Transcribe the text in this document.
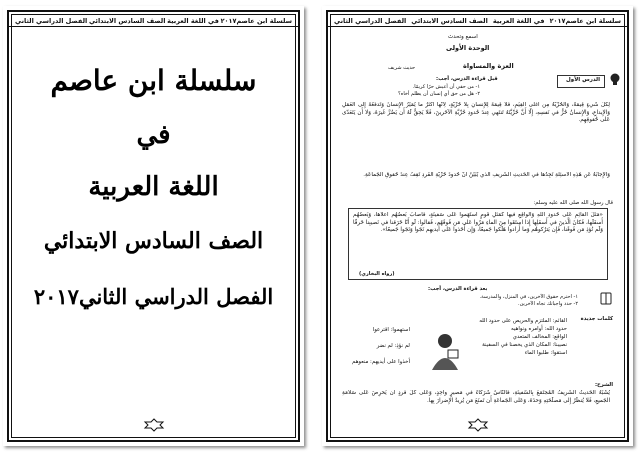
سلسلة ابن عاصم٢٠١٧
في اللغة العربية
الصف السادس الابتدائي
الفصل الدراسي الثاني
سلسلة ابن عاصم
في
اللغة العربية
الصف السادس الابتدائي
الفصل الدراسي الثاني٢٠١٧
سلسلة ابن عاصم٢٠١٧
في اللغة العربية
الصف السادس الابتدائي
الفصل الدراسي الثاني
اسمع وتحدث
الوحدة الأولى
العزة والمساواة
حديث شريف
الدرس الأول
قبل قراءة الدرس، أجب:
١- من حقي أن أعيش حرًا كريمًا.
٢- هل من حق أي إنسان أن يظلم أخاه؟
لِكُلِّ شَيءٍ قِيمَةٌ، وَالحُرِّيَّةُ مِن أَغلَى القِيَمِ، فَلا قِيمَةَ لِلإِنسانِ بِلا حُرِّيَّةٍ، لِأَنَّها أَكثَرُ ما يُمَيِّزُ الإِنسانَ وَتَدفَعُهُ إِلى العَمَلِ وَالإِبداعِ، وَالإِنسانُ حُرٌّ في نَفسِهِ، إِلّا أَنَّ حُرِّيَّتَهُ تَنتَهي عِندَ حُدودِ حُرِّيَّةِ الآخَرينَ، فَلا يَحِقُّ لَهُ أَن يَضُرَّ غَيرَهُ، وَلا أَن يَتَعَدّى عَلى حُقوقِهِم.
وَالإِجابَةُ عَن هَذِهِ الأَسئِلَةِ تَجِدُها في الحَديثِ الشَّريفِ الَّذي يُبَيِّنُ أَنَّ حُدودَ حُرِّيَّةِ الفَردِ تَقِفُ عِندَ حُقوقِ الجَماعَةِ.
قال رسول الله صلى الله عليه وسلم:
«مَثَلُ القائِمِ عَلى حُدودِ اللهِ وَالواقِعِ فيها كَمَثَلِ قَومٍ استَهَموا عَلى سَفينَةٍ، فَأَصابَ بَعضُهُم أَعلاها، وَبَعضُهُم أَسفَلَها، فَكانَ الَّذينَ في أَسفَلِها إِذا استَقَوا مِنَ الماءِ مَرّوا عَلى مَن فَوقَهُم، فَقالوا: لَو أَنّا خَرَقنا في نَصيبِنا خَرقًا وَلَم نُؤذِ مَن فَوقَنا، فَإِن يَترُكوهُم وَما أَرادوا هَلَكوا جَميعًا، وَإِن أَخَذوا عَلى أَيديهِم نَجَوا وَنَجَوا جَميعًا».
(رواه البخاري)
بعد قراءة الدرس، أجب:
١- احترم حقوق الآخرين، في المنزل، والمدرسة.
٢- حدد واجباتك تجاه الآخرين.
كلمات جديدة
القائم: الملتزم والحريص على حدود الله
حدود الله: أوامره ونواهيه
الواقع: المخالف المتعدي
نصيبنا: المكان الذي يخصنا في السفينة
استقوا: طلبوا الماء
استهموا: اقترعوا
لم نؤذِ: لم نضر
أخذوا على أيديهم: منعوهم
الشرح:
يُشَبِّهُ الحَديثُ الشَّريفُ المُجتَمَعَ بِالسَّفينَةِ، فَالنّاسُ شُرَكاءُ في مَصيرٍ واحِدٍ، وَعَلى كُلِّ فَردٍ أَن يَحرِصَ عَلى سَلامَةِ الجَميعِ، فَلا يُنظَرُ إِلى مَصلَحَتِهِ وَحدَهُ، وَعَلى الجَماعَةِ أَن تَمنَعَ مَن يُريدُ الإِضرارَ بِها.
